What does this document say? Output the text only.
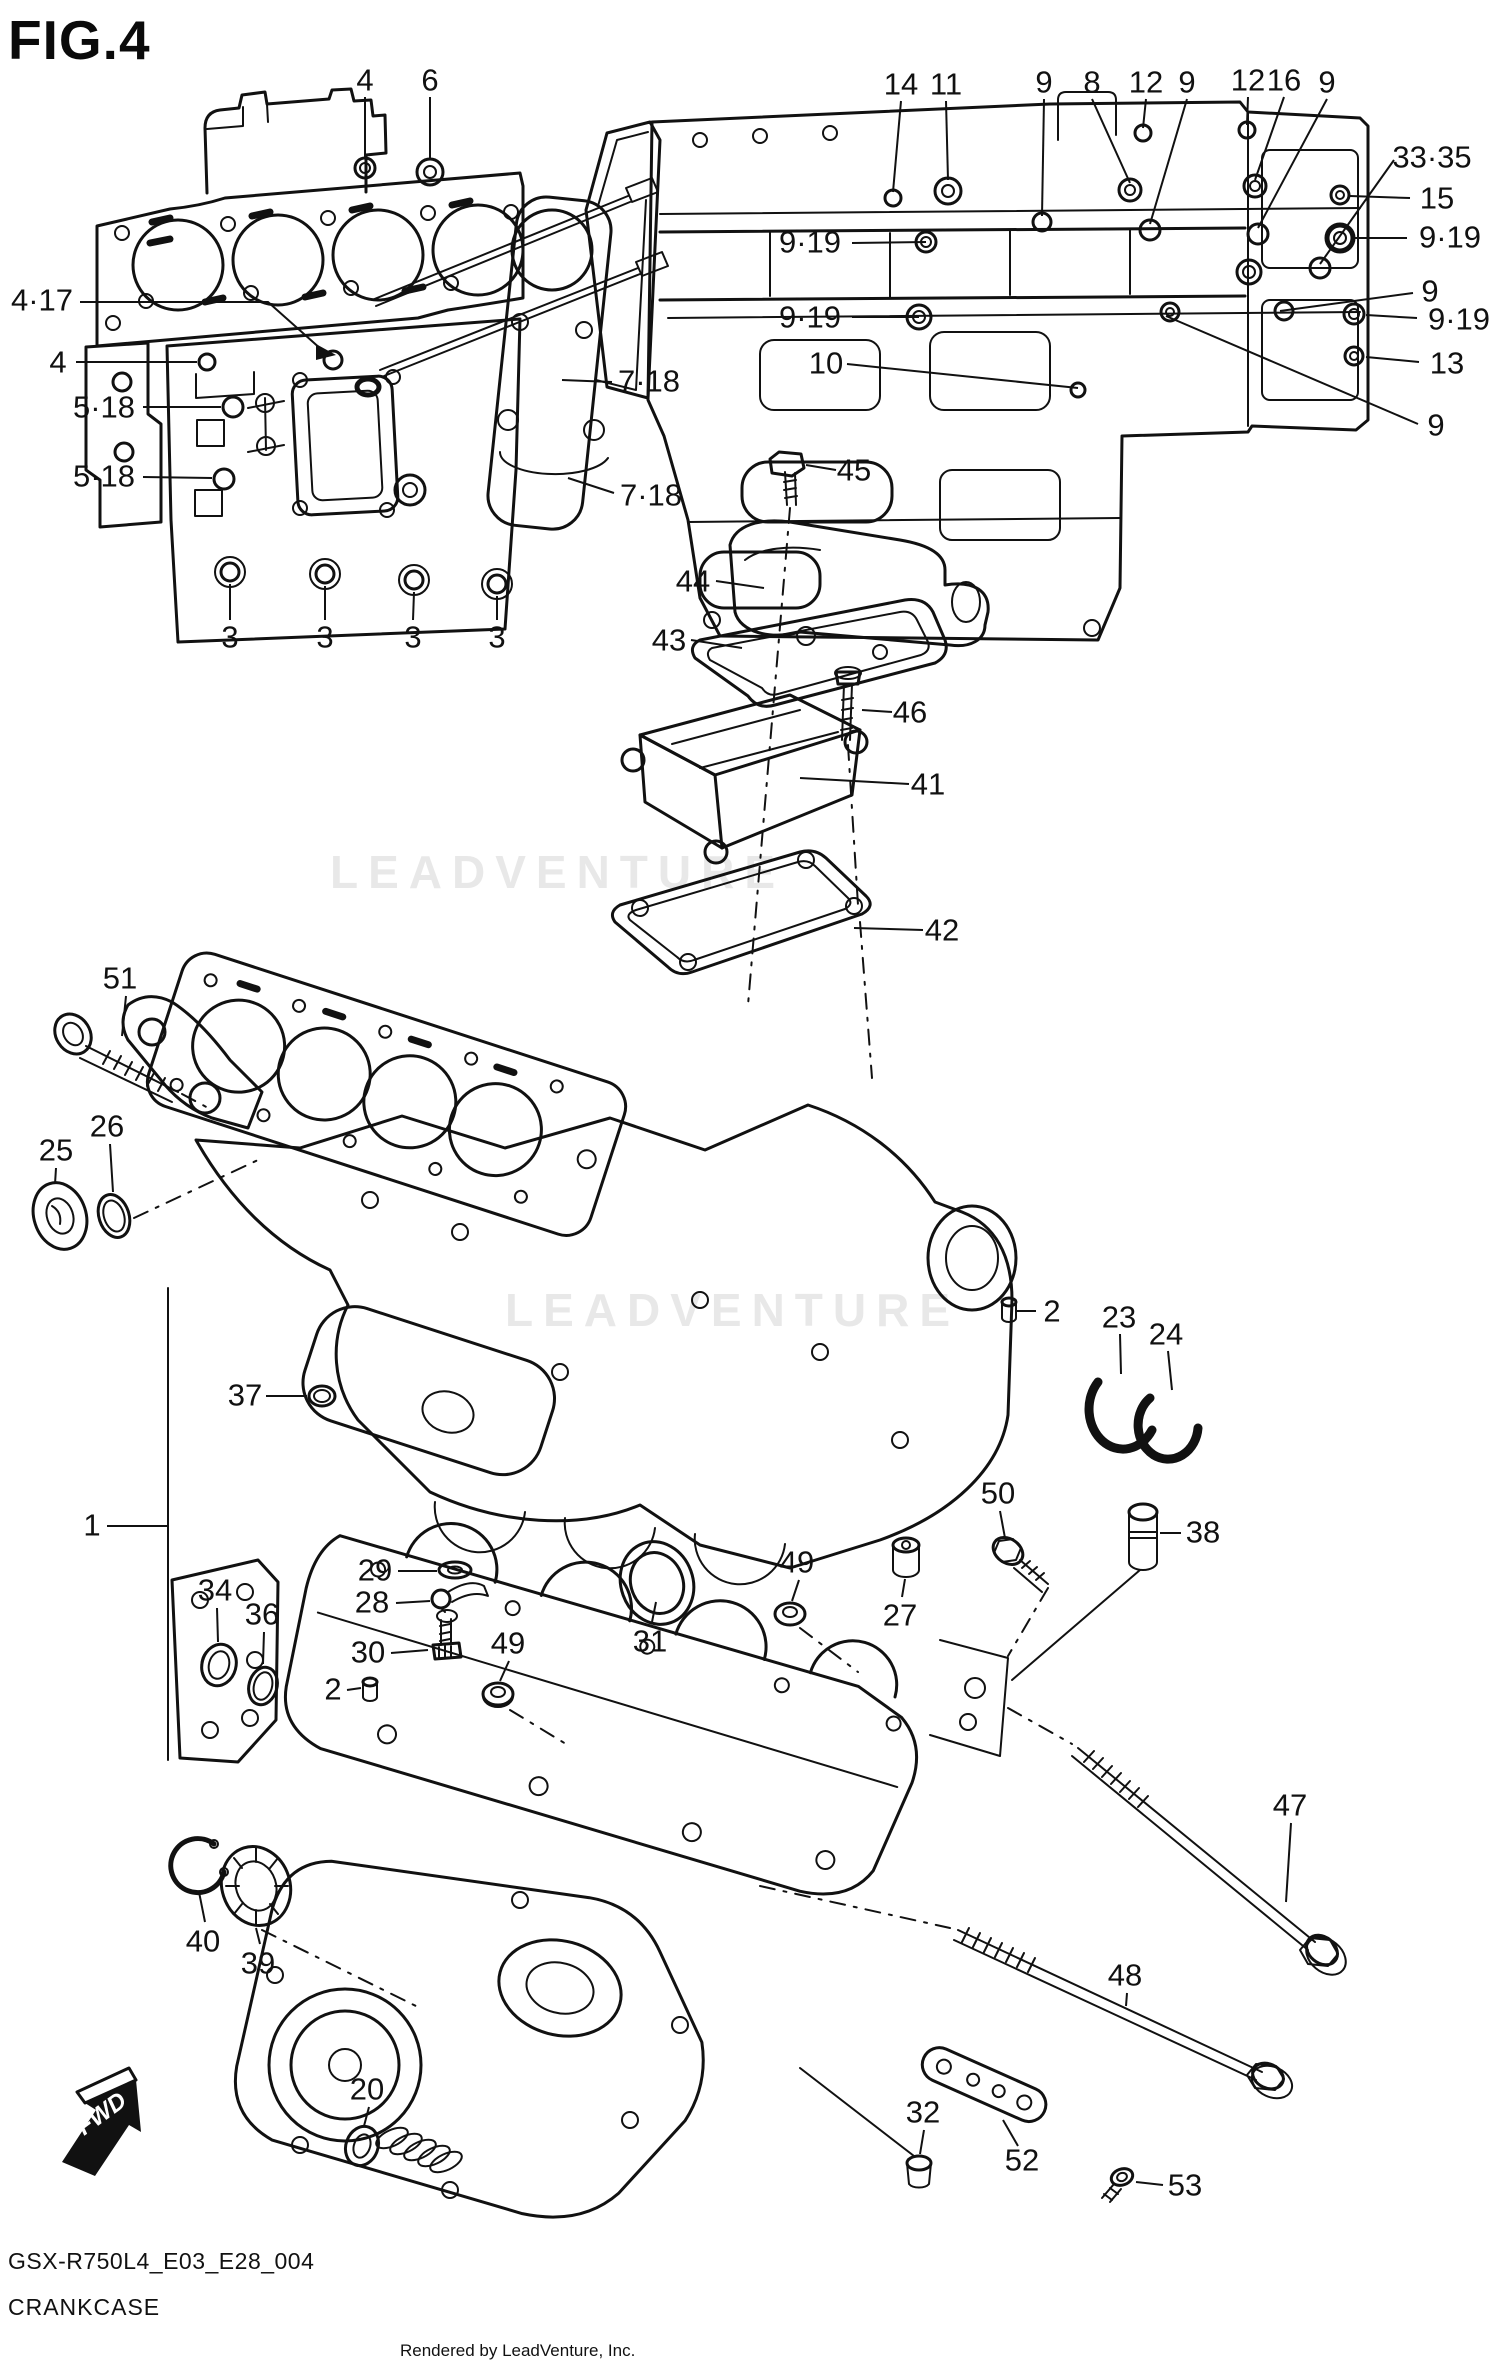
FIG.4
LEADVENTURE
LEADVENTURE
FWD
4 6
4·17
4
5·18
5·18
7·18
7·18
3	3 3 3
14 11 9 8 12 9 12 16 9
33·35
15
9·19
9
9·19
13
9
9·19
9·19
10
45
44
43
46
41
42
51
25
26
2 23 24
37
1
50
38
34
36
29
28
30
2
49	31
49
27
40
39
20
47
48
32
52
53
GSX-R750L4_E03_E28_004
CRANKCASE
Rendered by LeadVenture, Inc.
